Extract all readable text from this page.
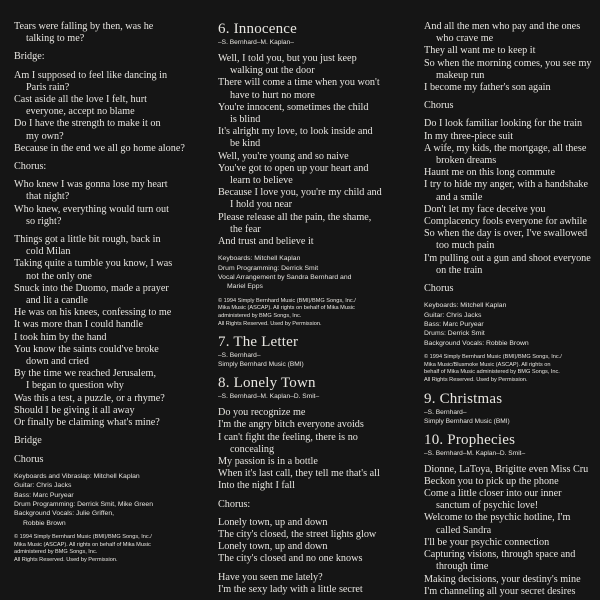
Tears were falling by then, was he

talking to me?

Bridge:

Am I supposed to feel like dancing in

Paris rain?

Cast aside all the love I felt, hurt

everyone, accept no blame

Do I have the strength to make it on

my own?

Because in the end we all go home alone?

Chorus:

Who knew I was gonna lose my heart

that night?

Who knew, everything would turn out

so right?

Things got a little bit rough, back in

cold Milan

Taking quite a tumble you know, I was

not the only one

Snuck into the Duomo, made a prayer

and lit a candle

He was on his knees, confessing to me

It was more than I could handle

I took him by the hand

You know the saints could've broke

down and cried

By the time we reached Jerusalem,

I began to question why

Was this a test, a puzzle, or a rhyme?

Should I be giving it all away

Or finally be claiming what's mine?

Bridge

Chorus

Keyboards and Vibraslap: Mitchell Kaplan

Guitar: Chris Jacks

Bass: Marc Puryear

Drum Programming: Derrick Smit, Mike Green

Background Vocals: Julie Griffen,

Robbie Brown

© 1994 Simply Bernhard Music (BMI)/BMG Songs, Inc./

Mika Music (ASCAP). All rights on behalf of Mika Music

administered by BMG Songs, Inc.

All Rights Reserved. Used by Permission.

6. Innocence

–S. Bernhard–M. Kaplan–

Well, I told you, but you just keep

walking out the door

There will come a time when you won't

have to hurt no more

You're innocent, sometimes the child

is blind

It's alright my love, to look inside and

be kind

Well, you're young and so naive

You've got to open up your heart and

learn to believe

Because I love you, you're my child and

I hold you near

Please release all the pain, the shame,

the fear

And trust and believe it

Keyboards: Mitchell Kaplan

Drum Programming: Derrick Smit

Vocal Arrangement by Sandra Bernhard and

Mariel Epps

© 1994 Simply Bernhard Music (BMI)/BMG Songs, Inc./

Mika Music (ASCAP). All rights on behalf of Mika Music

administered by BMG Songs, Inc.

All Rights Reserved. Used by Permission.

7. The Letter

–S. Bernhard–

Simply Bernhard Music (BMI)

8. Lonely Town

–S. Bernhard–M. Kaplan–D. Smit–

Do you recognize me

I'm the angry bitch everyone avoids

I can't fight the feeling, there is no

concealing

My passion is in a bottle

When it's last call, they tell me that's all

Into the night I fall

Chorus:

Lonely town, up and down

The city's closed, the street lights glow

Lonely town, up and down

The city's closed and no one knows

Have you seen me lately?

I'm the sexy lady with a little secret

And all the men who pay and the ones

who crave me

They all want me to keep it

So when the morning comes, you see my

makeup run

I become my father's son again

Chorus

Do I look familiar looking for the train

In my three-piece suit

A wife, my kids, the mortgage, all these

broken dreams

Haunt me on this long commute

I try to hide my anger, with a handshake

and a smile

Don't let my face deceive you

Complacency fools everyone for awhile

So when the day is over, I've swallowed

too much pain

I'm pulling out a gun and shoot everyone

on the train

Chorus

Keyboards: Mitchell Kaplan

Guitar: Chris Jacks

Bass: Marc Puryear

Drums: Derrick Smit

Background Vocals: Robbie Brown

© 1994 Simply Bernhard Music (BMI)/BMG Songs, Inc./

Mika Music/Blusmoke Music (ASCAP). All rights on

behalf of Mika Music administered by BMG Songs, Inc.

All Rights Reserved. Used by Permission.

9. Christmas

–S. Bernhard–

Simply Bernhard Music (BMI)

10. Prophecies

–S. Bernhard–M. Kaplan–D. Smit–

Dionne, LaToya, Brigitte even Miss Cru

Beckon you to pick up the phone

Come a little closer into our inner

sanctum of psychic love!

Welcome to the psychic hotline, I'm

called Sandra

I'll be your psychic connection

Capturing visions, through space and

through time

Making decisions, your destiny's mine

I'm channeling all your secret desires
